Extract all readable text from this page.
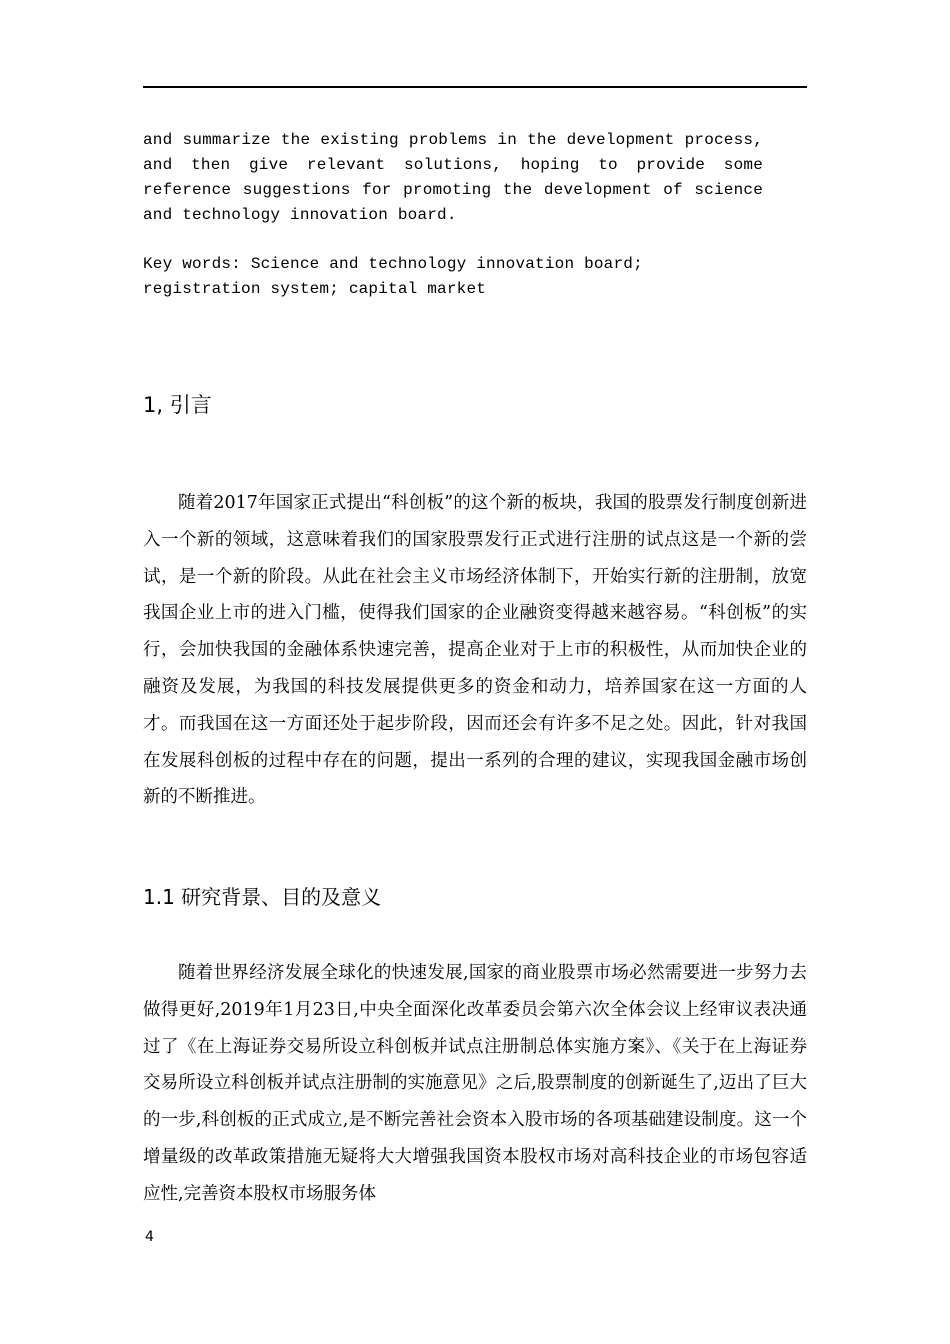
and summarize the existing problems in the development process, and then give relevant solutions, hoping to provide some reference suggestions for promoting the development of science and technology innovation board.

Key words: Science and technology innovation board; registration system; capital market

1, 引言

随着2017年国家正式提出“科创板”的这个新的板块，我国的股票发行制度创新进入一个新的领域，这意味着我们的国家股票发行正式进行注册的试点这是一个新的尝试，是一个新的阶段。从此在社会主义市场经济体制下，开始实行新的注册制，放宽我国企业上市的进入门槛，使得我们国家的企业融资变得越来越容易。“科创板”的实行，会加快我国的金融体系快速完善，提高企业对于上市的积极性，从而加快企业的融资及发展，为我国的科技发展提供更多的资金和动力，培养国家在这一方面的人才。而我国在这一方面还处于起步阶段，因而还会有许多不足之处。因此，针对我国在发展科创板的过程中存在的问题，提出一系列的合理的建议，实现我国金融市场创新的不断推进。

1.1 研究背景、目的及意义

随着世界经济发展全球化的快速发展,国家的商业股票市场必然需要进一步努力去做得更好,2019年1月23日,中央全面深化改革委员会第六次全体会议上经审议表决通过了《在上海证券交易所设立科创板并试点注册制总体实施方案》、《关于在上海证券交易所设立科创板并试点注册制的实施意见》之后,股票制度的创新诞生了,迈出了巨大的一步,科创板的正式成立,是不断完善社会资本入股市场的各项基础建设制度。这一个增量级的改革政策措施无疑将大大增强我国资本股权市场对高科技企业的市场包容适应性,完善资本股权市场服务体

4
